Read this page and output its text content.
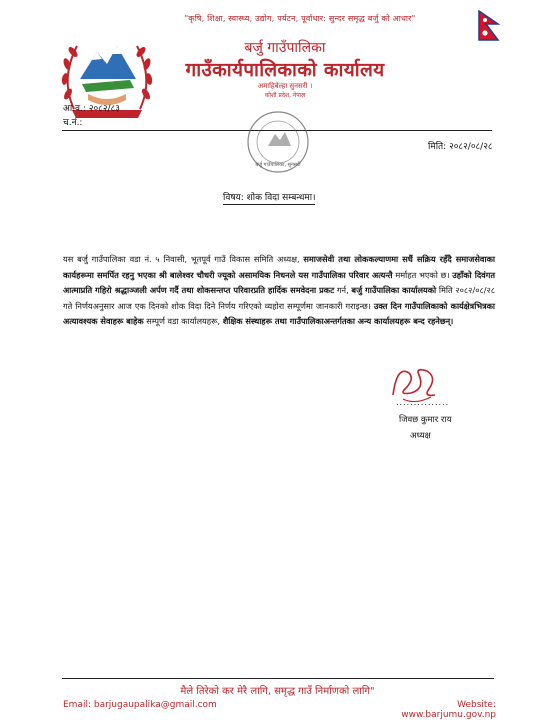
"कृषि, शिक्षा, स्वास्थ्य, उद्योग, पर्यटन, पूर्वाधार: सुन्दर समृद्ध बर्जु को आधार"
बर्जु गाउँपालिका
गाउँकार्यपालिकाको कार्यालय
अमाहिबेल्हा सुनसरी ।
कोशी प्रदेश, नेपाल
आ.व.: २०८२/८३
च.नं.:
बर्जु गाउँपालिका, सुनसरी
मिति: २०८२/०८/२८
विषय: शोक विदा सम्बन्धमा।
यस बर्जु गाउँपालिका वडा नं. ५ निवासी, भूतपूर्व गाउँ विकास समिति अध्यक्ष, समाजसेवी तथा लोककल्याणमा सधैं सक्रिय रहँदै समाजसेवाका कार्यहरूमा समर्पित रहनु भएका श्री बालेश्वर चौधरी ज्यूको असामयिक निधनले यस गाउँपालिका परिवार अत्यन्तै मर्माहत भएको छ। उहाँको दिवंगत आत्माप्रति गहिरो श्रद्धाञ्जली अर्पण गर्दै तथा शोकसन्तप्त परिवारप्रति हार्दिक समवेदना प्रकट गर्न, बर्जु गाउँपालिका कार्यालयको मिति २०८२/०८/२८ गते निर्णयअनुसार आज एक दिनको शोक विदा दिने निर्णय गरिएको व्यहोरा सम्पूर्णमा जानकारी गराइन्छ। उक्त दिन गाउँपालिकाको कार्यक्षेत्रभित्रका अत्यावश्यक सेवाहरू बाहेक सम्पूर्ण वडा कार्यालयहरू, शैक्षिक संस्थाहरू तथा गाउँपालिकाअन्तर्गतका अन्य कार्यालयहरू बन्द रहनेछन्।
...............
जिवछ कुमार राय
अध्यक्ष
मैले तिरेको कर मेरै लागि, समृद्ध गाउँ निर्माणको लागि"
Email: barjugaupalika@gmail.com	Website: www.barjumu.gov.np
